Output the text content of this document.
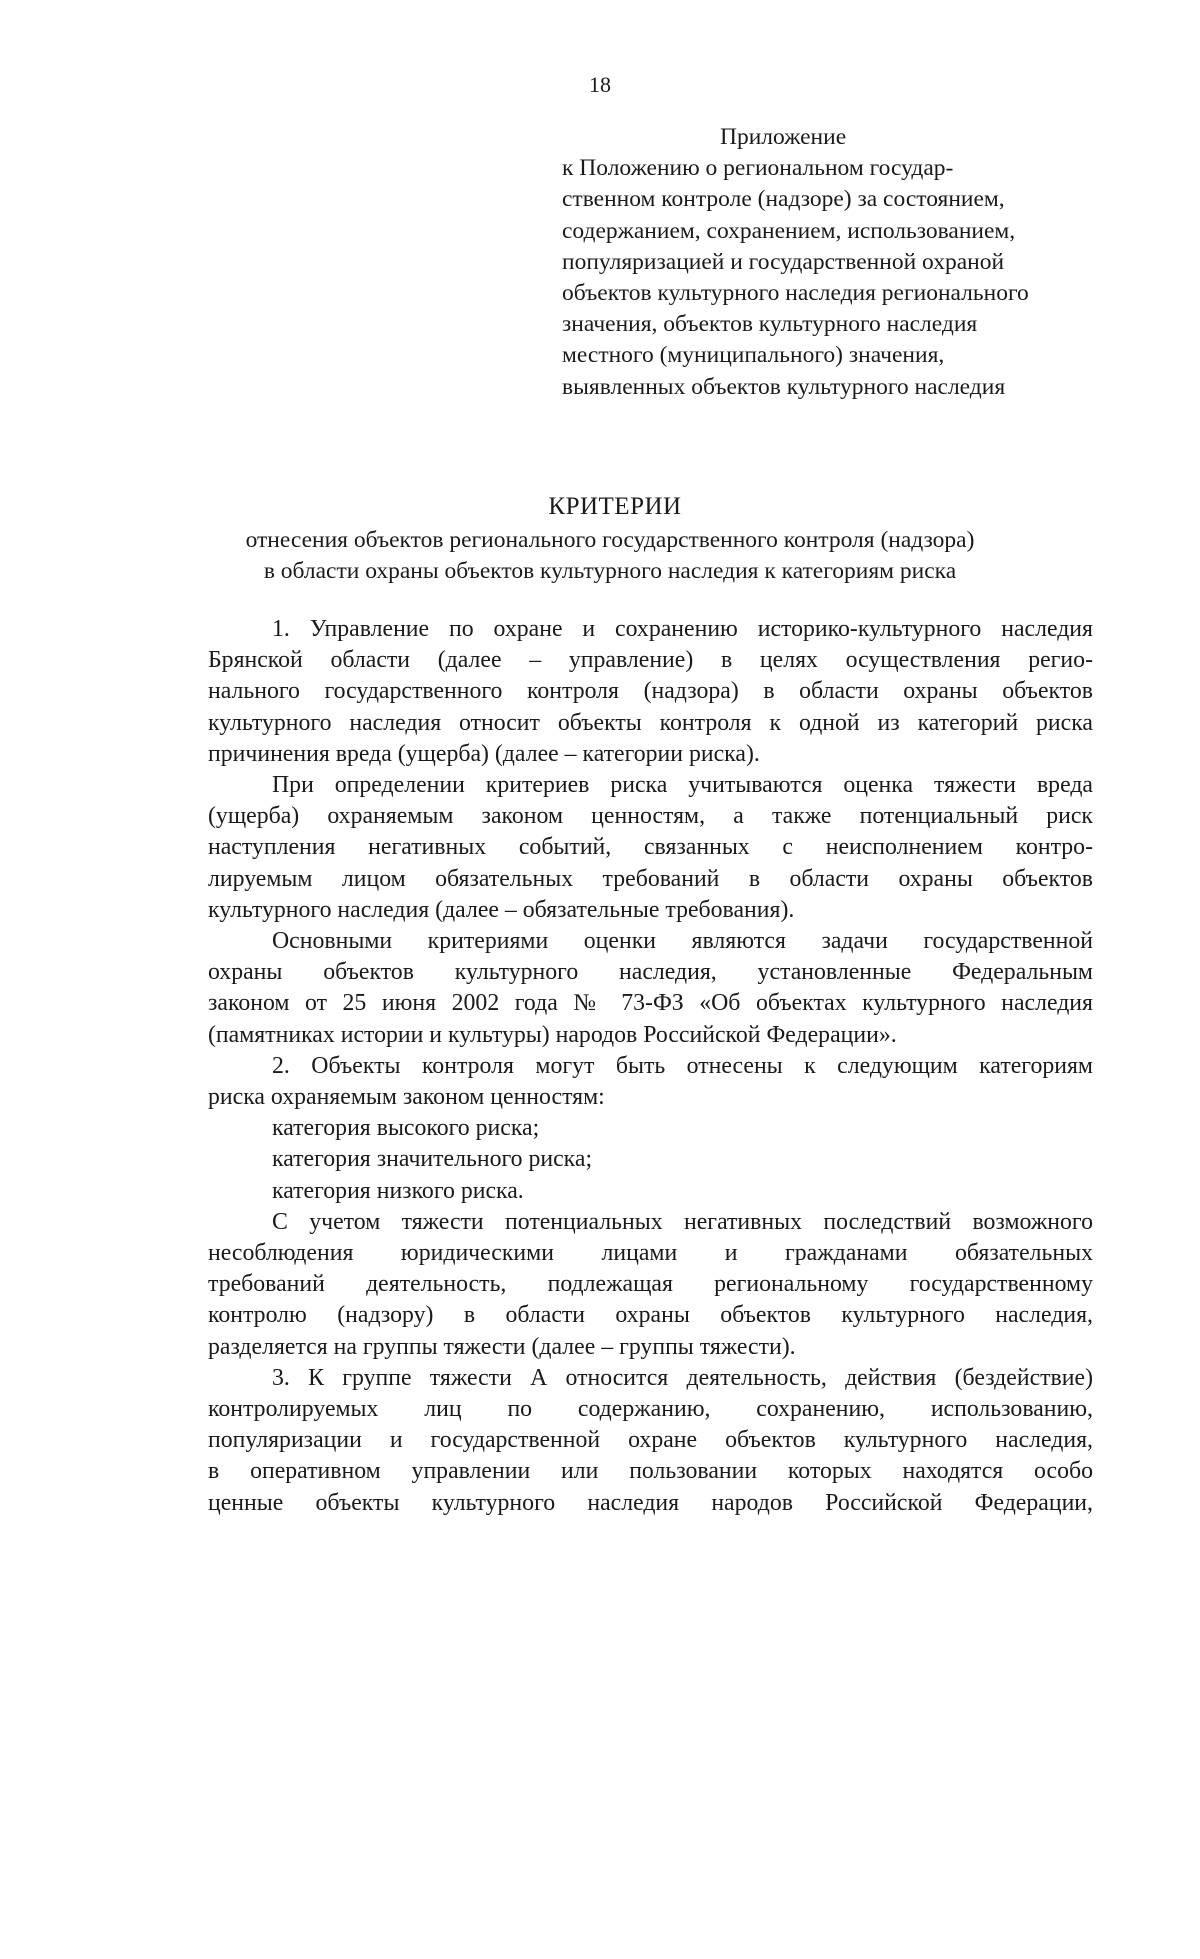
18
Приложение
к Положению о региональном государ-
ственном контроле (надзоре) за состоянием,
содержанием, сохранением, использованием,
популяризацией и государственной охраной
объектов культурного наследия регионального
значения, объектов культурного наследия
местного (муниципального) значения,
выявленных объектов культурного наследия
КРИТЕРИИ
отнесения объектов регионального государственного контроля (надзора)
в области охраны объектов культурного наследия к категориям риска
1. Управление по охране и сохранению историко-культурного наследия
Брянской области (далее – управление) в целях осуществления регио-
нального государственного контроля (надзора) в области охраны объектов
культурного наследия относит объекты контроля к одной из категорий риска
причинения вреда (ущерба) (далее – категории риска).
При определении критериев риска учитываются оценка тяжести вреда
(ущерба) охраняемым законом ценностям, а также потенциальный риск
наступления негативных событий, связанных с неисполнением контро-
лируемым лицом обязательных требований в области охраны объектов
культурного наследия (далее – обязательные требования).
Основными критериями оценки являются задачи государственной
охраны объектов культурного наследия, установленные Федеральным
законом от 25 июня 2002 года № 73-ФЗ «Об объектах культурного наследия
(памятниках истории и культуры) народов Российской Федерации».
2. Объекты контроля могут быть отнесены к следующим категориям
риска охраняемым законом ценностям:
категория высокого риска;
категория значительного риска;
категория низкого риска.
С учетом тяжести потенциальных негативных последствий возможного
несоблюдения юридическими лицами и гражданами обязательных
требований деятельность, подлежащая региональному государственному
контролю (надзору) в области охраны объектов культурного наследия,
разделяется на группы тяжести (далее – группы тяжести).
3. К группе тяжести А относится деятельность, действия (бездействие)
контролируемых лиц по содержанию, сохранению, использованию,
популяризации и государственной охране объектов культурного наследия,
в оперативном управлении или пользовании которых находятся особо
ценные объекты культурного наследия народов Российской Федерации,
